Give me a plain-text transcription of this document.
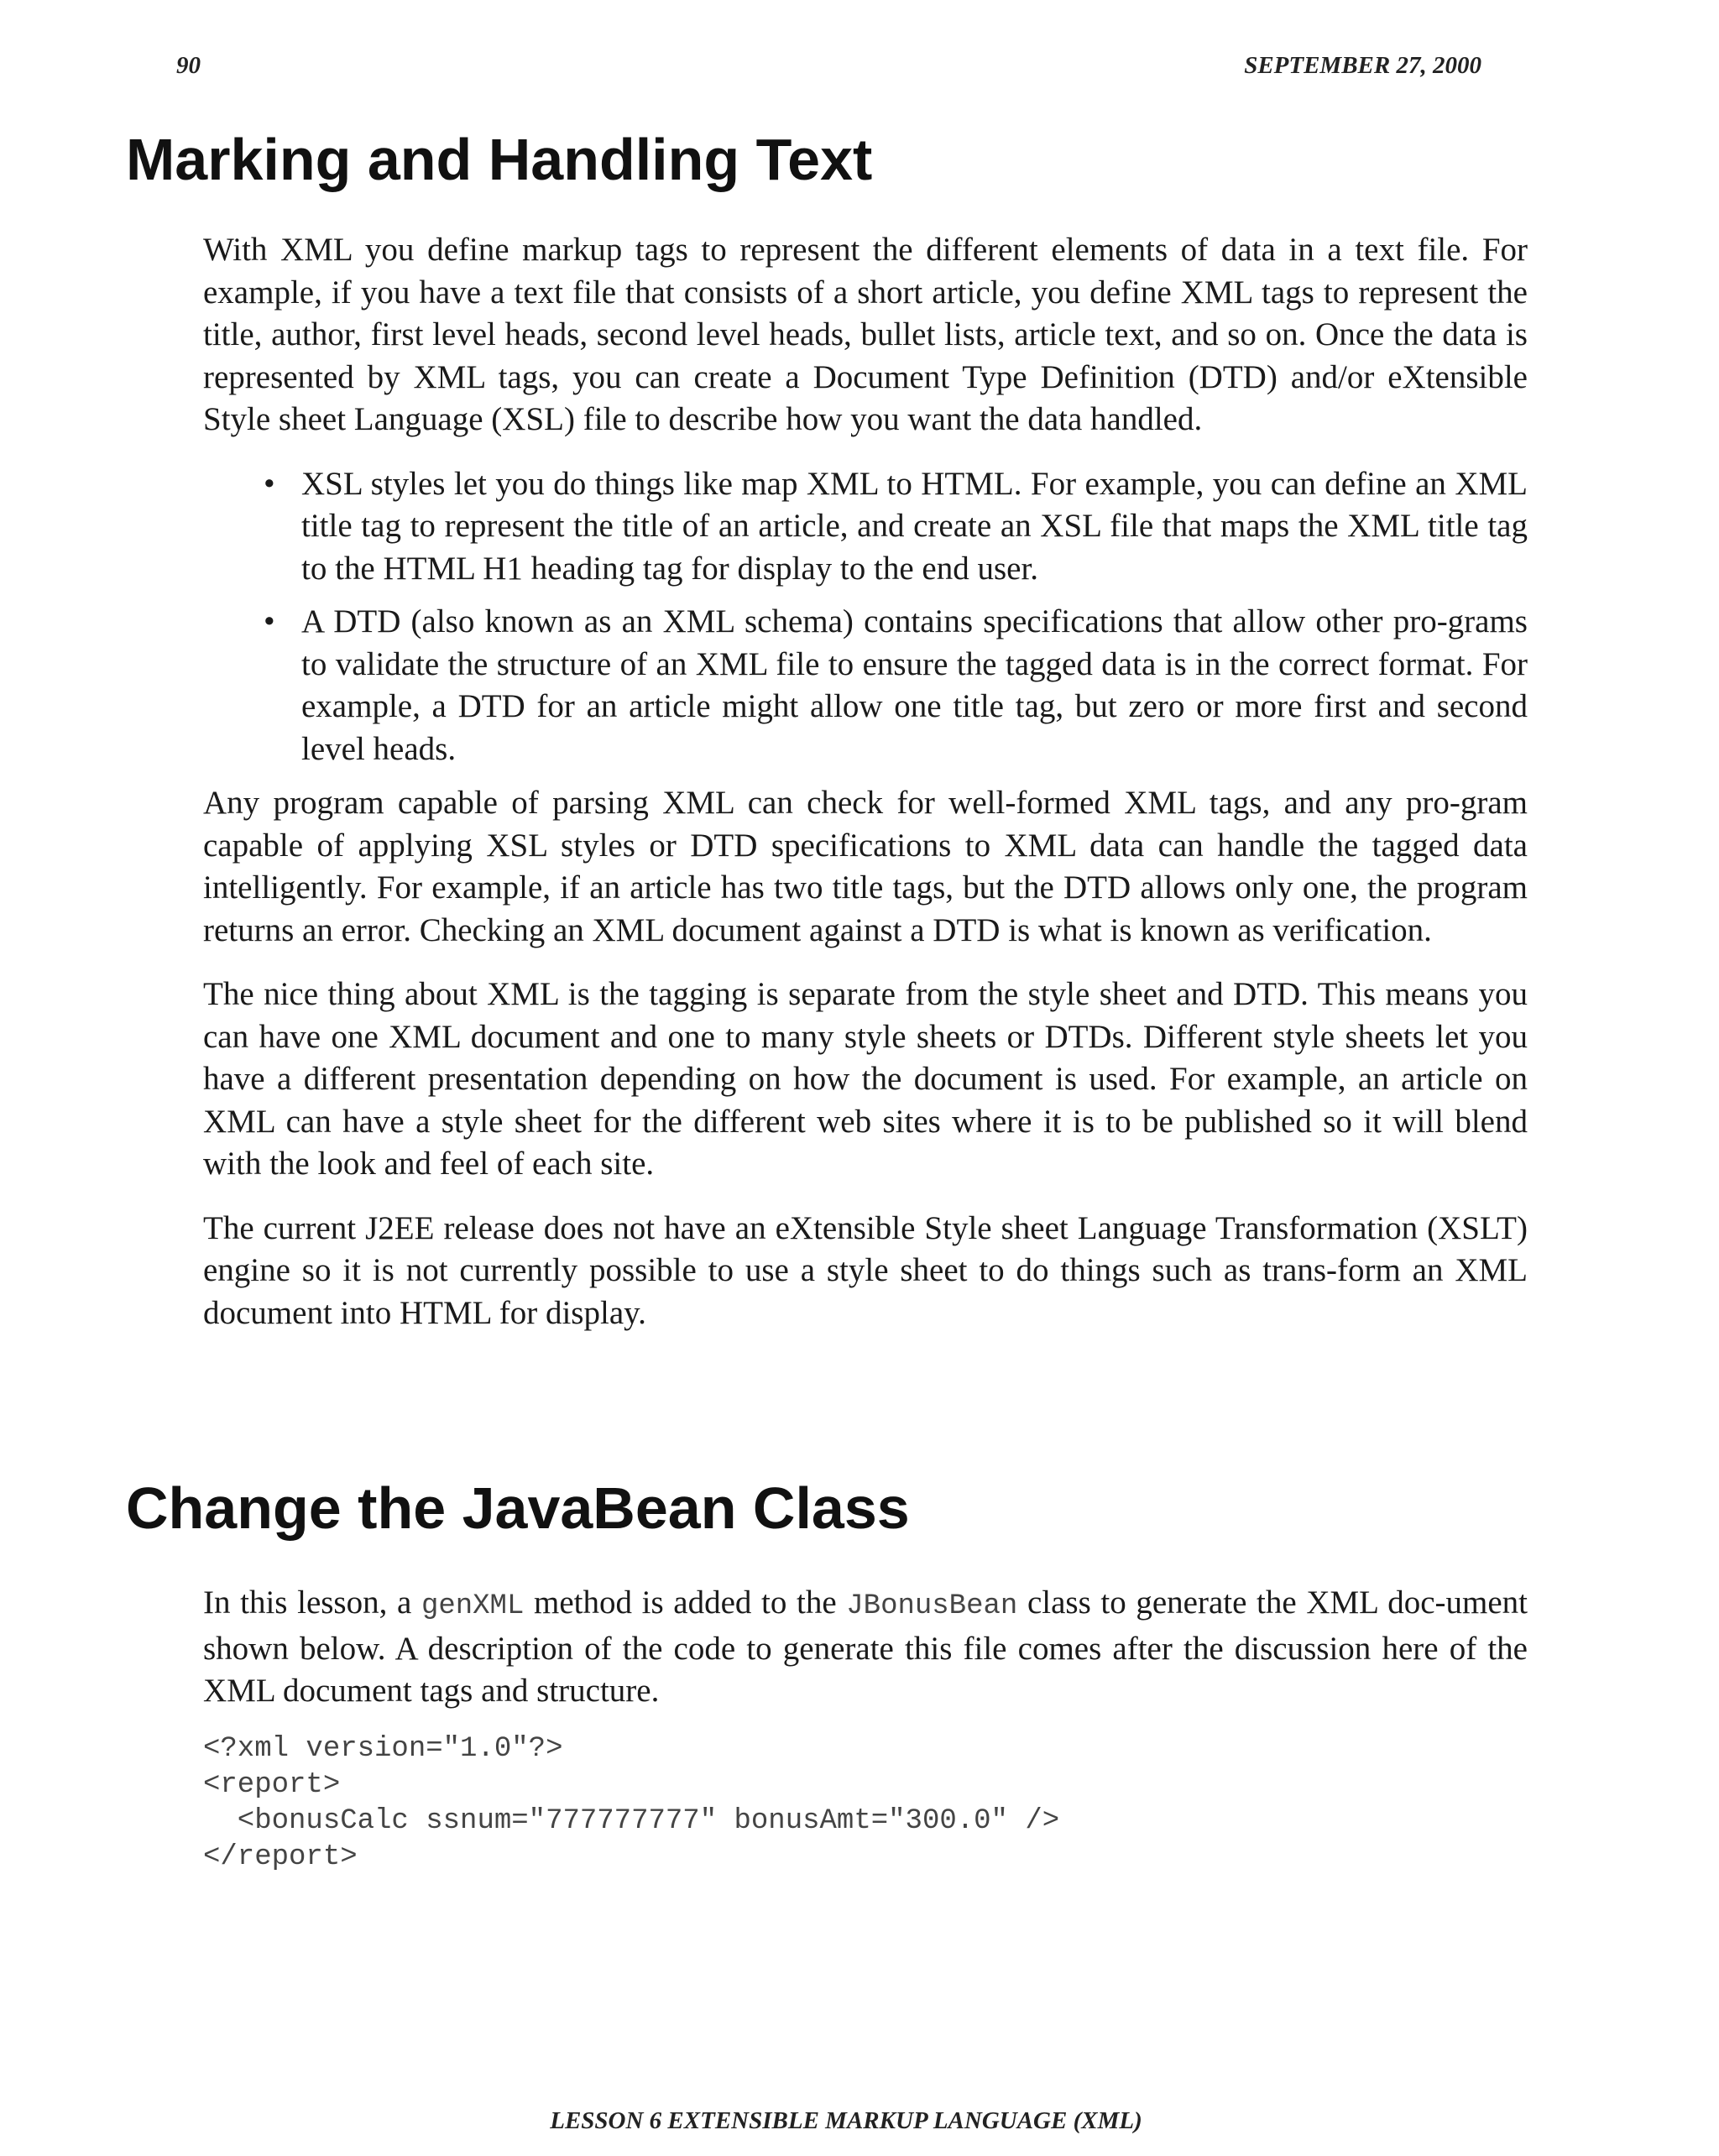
90	SEPTEMBER 27, 2000
Marking and Handling Text

With XML you define markup tags to represent the different elements of data in a text file. For example, if you have a text file that consists of a short article, you define XML tags to represent the title, author, first level heads, second level heads, bullet lists, article text, and so on. Once the data is represented by XML tags, you can create a Document Type Definition (DTD) and/or eXtensible Style sheet Language (XSL) file to describe how you want the data handled.

• XSL styles let you do things like map XML to HTML. For example, you can define an XML title tag to represent the title of an article, and create an XSL file that maps the XML title tag to the HTML H1 heading tag for display to the end user.
• A DTD (also known as an XML schema) contains specifications that allow other pro-grams to validate the structure of an XML file to ensure the tagged data is in the correct format. For example, a DTD for an article might allow one title tag, but zero or more first and second level heads.

Any program capable of parsing XML can check for well-formed XML tags, and any pro-gram capable of applying XSL styles or DTD specifications to XML data can handle the tagged data intelligently. For example, if an article has two title tags, but the DTD allows only one, the program returns an error. Checking an XML document against a DTD is what is known as verification.

The nice thing about XML is the tagging is separate from the style sheet and DTD. This means you can have one XML document and one to many style sheets or DTDs. Different style sheets let you have a different presentation depending on how the document is used. For example, an article on XML can have a style sheet for the different web sites where it is to be published so it will blend with the look and feel of each site.

The current J2EE release does not have an eXtensible Style sheet Language Transformation (XSLT) engine so it is not currently possible to use a style sheet to do things such as trans-form an XML document into HTML for display.

Change the JavaBean Class

In this lesson, a genXML method is added to the JBonusBean class to generate the XML doc-ument shown below. A description of the code to generate this file comes after the discussion here of the XML document tags and structure.

<?xml version="1.0"?>
<report>
<bonusCalc ssnum="777777777" bonusAmt="300.0" />
</report>
LESSON 6 EXTENSIBLE MARKUP LANGUAGE (XML)
